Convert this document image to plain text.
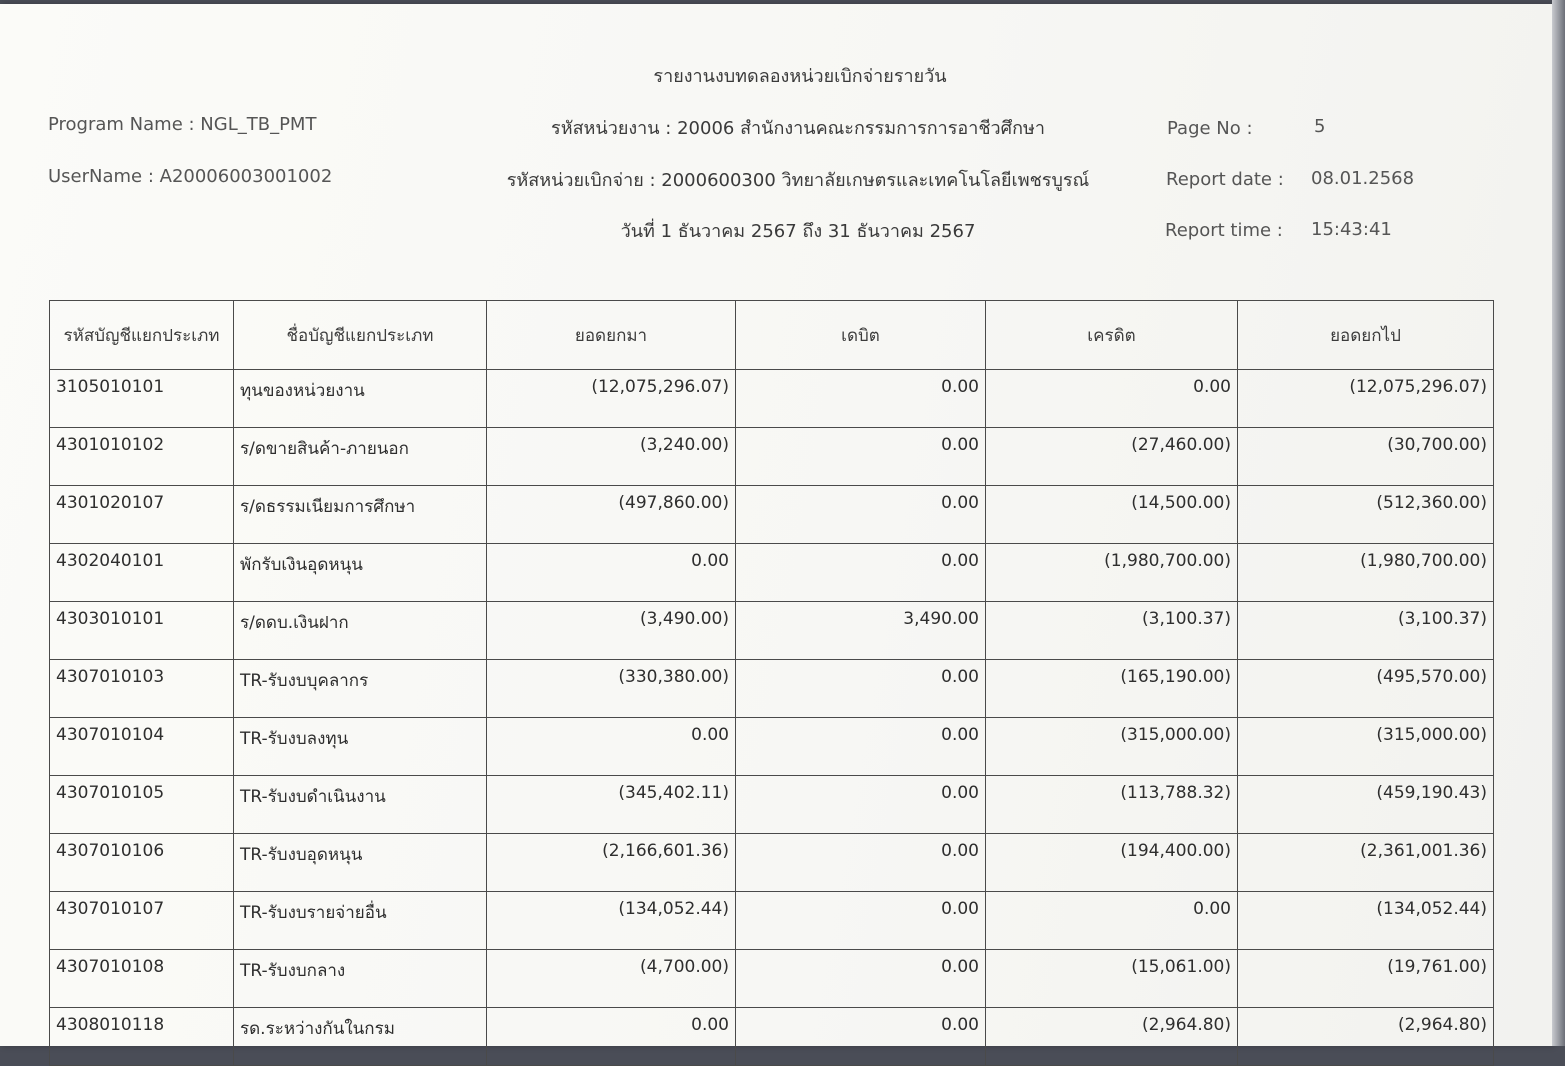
รายงานงบทดลองหน่วยเบิกจ่ายรายวัน
Program Name : NGL_TB_PMT
UserName : A20006003001002
รหัสหน่วยงาน : 20006 สำนักงานคณะกรรมการการอาชีวศึกษา
รหัสหน่วยเบิกจ่าย : 2000600300 วิทยาลัยเกษตรและเทคโนโลยีเพชรบูรณ์
วันที่ 1 ธันวาคม 2567 ถึง 31 ธันวาคม 2567
Page No :	5
Report date : 08.01.2568
Report time : 15:43:41
รหัสบัญชีแยกประเภท	ชื่อบัญชีแยกประเภท	ยอดยกมา	เดบิต	เครดิต	ยอดยกไป
3105010101	ทุนของหน่วยงาน	(12,075,296.07)	0.00	0.00	(12,075,296.07)
4301010102	ร/ดขายสินค้า-ภายนอก	(3,240.00)	0.00	(27,460.00)	(30,700.00)
4301020107	ร/ดธรรมเนียมการศึกษา	(497,860.00)	0.00	(14,500.00)	(512,360.00)
4302040101	พักรับเงินอุดหนุน	0.00	0.00	(1,980,700.00)	(1,980,700.00)
4303010101	ร/ดดบ.เงินฝาก	(3,490.00)	3,490.00	(3,100.37)	(3,100.37)
4307010103	TR-รับงบบุคลากร	(330,380.00)	0.00	(165,190.00)	(495,570.00)
4307010104	TR-รับงบลงทุน	0.00	0.00	(315,000.00)	(315,000.00)
4307010105	TR-รับงบดำเนินงาน	(345,402.11)	0.00	(113,788.32)	(459,190.43)
4307010106	TR-รับงบอุดหนุน	(2,166,601.36)	0.00	(194,400.00)	(2,361,001.36)
4307010107	TR-รับงบรายจ่ายอื่น	(134,052.44)	0.00	0.00	(134,052.44)
4307010108	TR-รับงบกลาง	(4,700.00)	0.00	(15,061.00)	(19,761.00)
4308010118	รด.ระหว่างกันในกรม	0.00	0.00	(2,964.80)	(2,964.80)
